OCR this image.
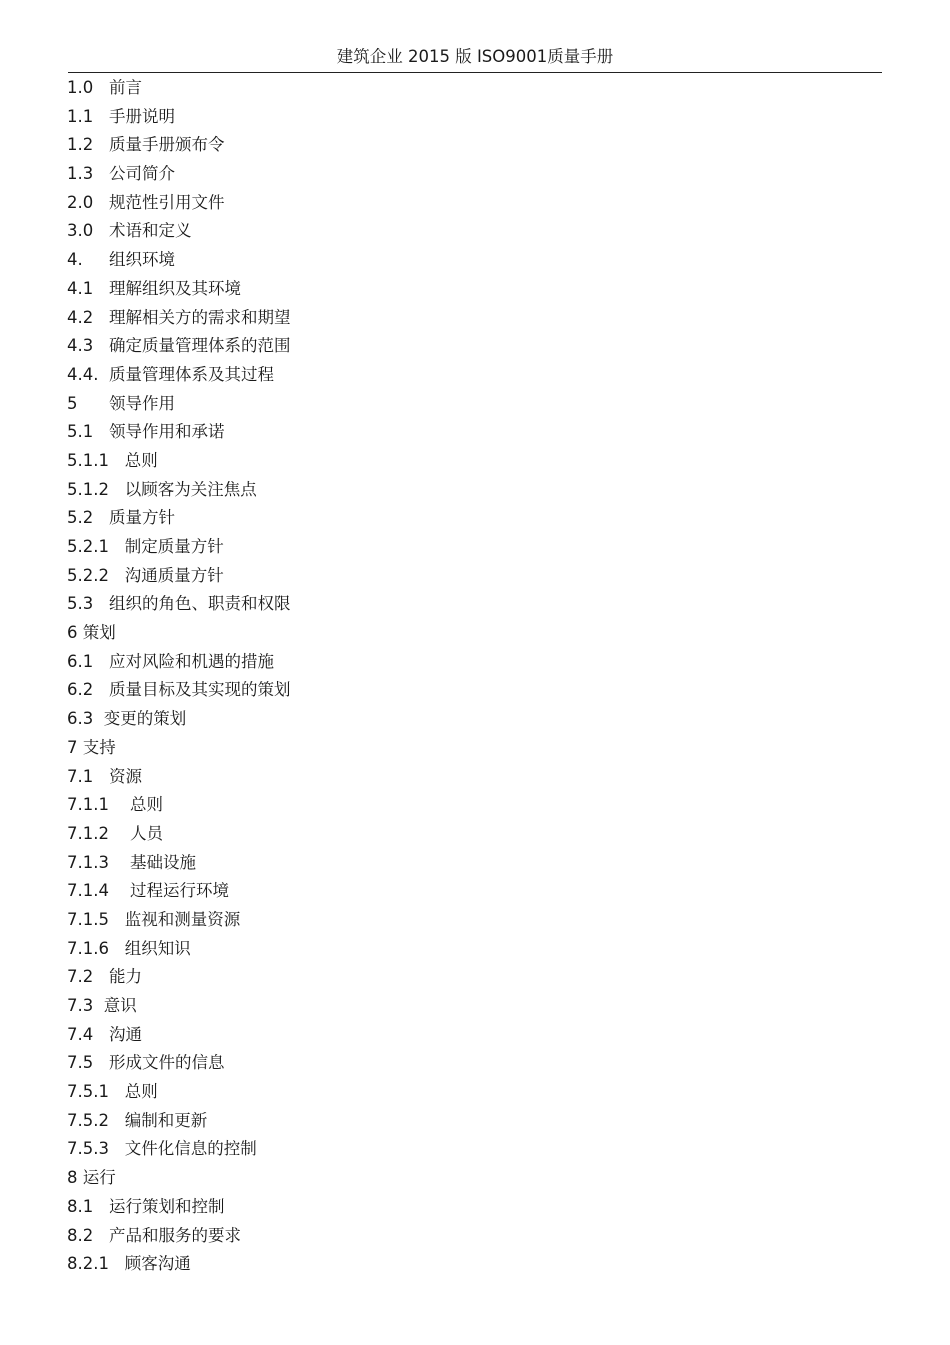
建筑企业 2015 版 ISO9001质量手册
1.0   前言
1.1   手册说明
1.2   质量手册颁布令
1.3   公司简介
2.0   规范性引用文件
3.0   术语和定义
4.     组织环境
4.1   理解组织及其环境
4.2   理解相关方的需求和期望
4.3   确定质量管理体系的范围
4.4.  质量管理体系及其过程
5      领导作用
5.1   领导作用和承诺
5.1.1   总则
5.1.2   以顾客为关注焦点
5.2   质量方针
5.2.1   制定质量方针
5.2.2   沟通质量方针
5.3   组织的角色、职责和权限
6 策划
6.1   应对风险和机遇的措施
6.2   质量目标及其实现的策划
6.3  变更的策划
7 支持
7.1   资源
7.1.1    总则
7.1.2    人员
7.1.3    基础设施
7.1.4    过程运行环境
7.1.5   监视和测量资源
7.1.6   组织知识
7.2   能力
7.3  意识
7.4   沟通
7.5   形成文件的信息
7.5.1   总则
7.5.2   编制和更新
7.5.3   文件化信息的控制
8 运行
8.1   运行策划和控制
8.2   产品和服务的要求
8.2.1   顾客沟通
